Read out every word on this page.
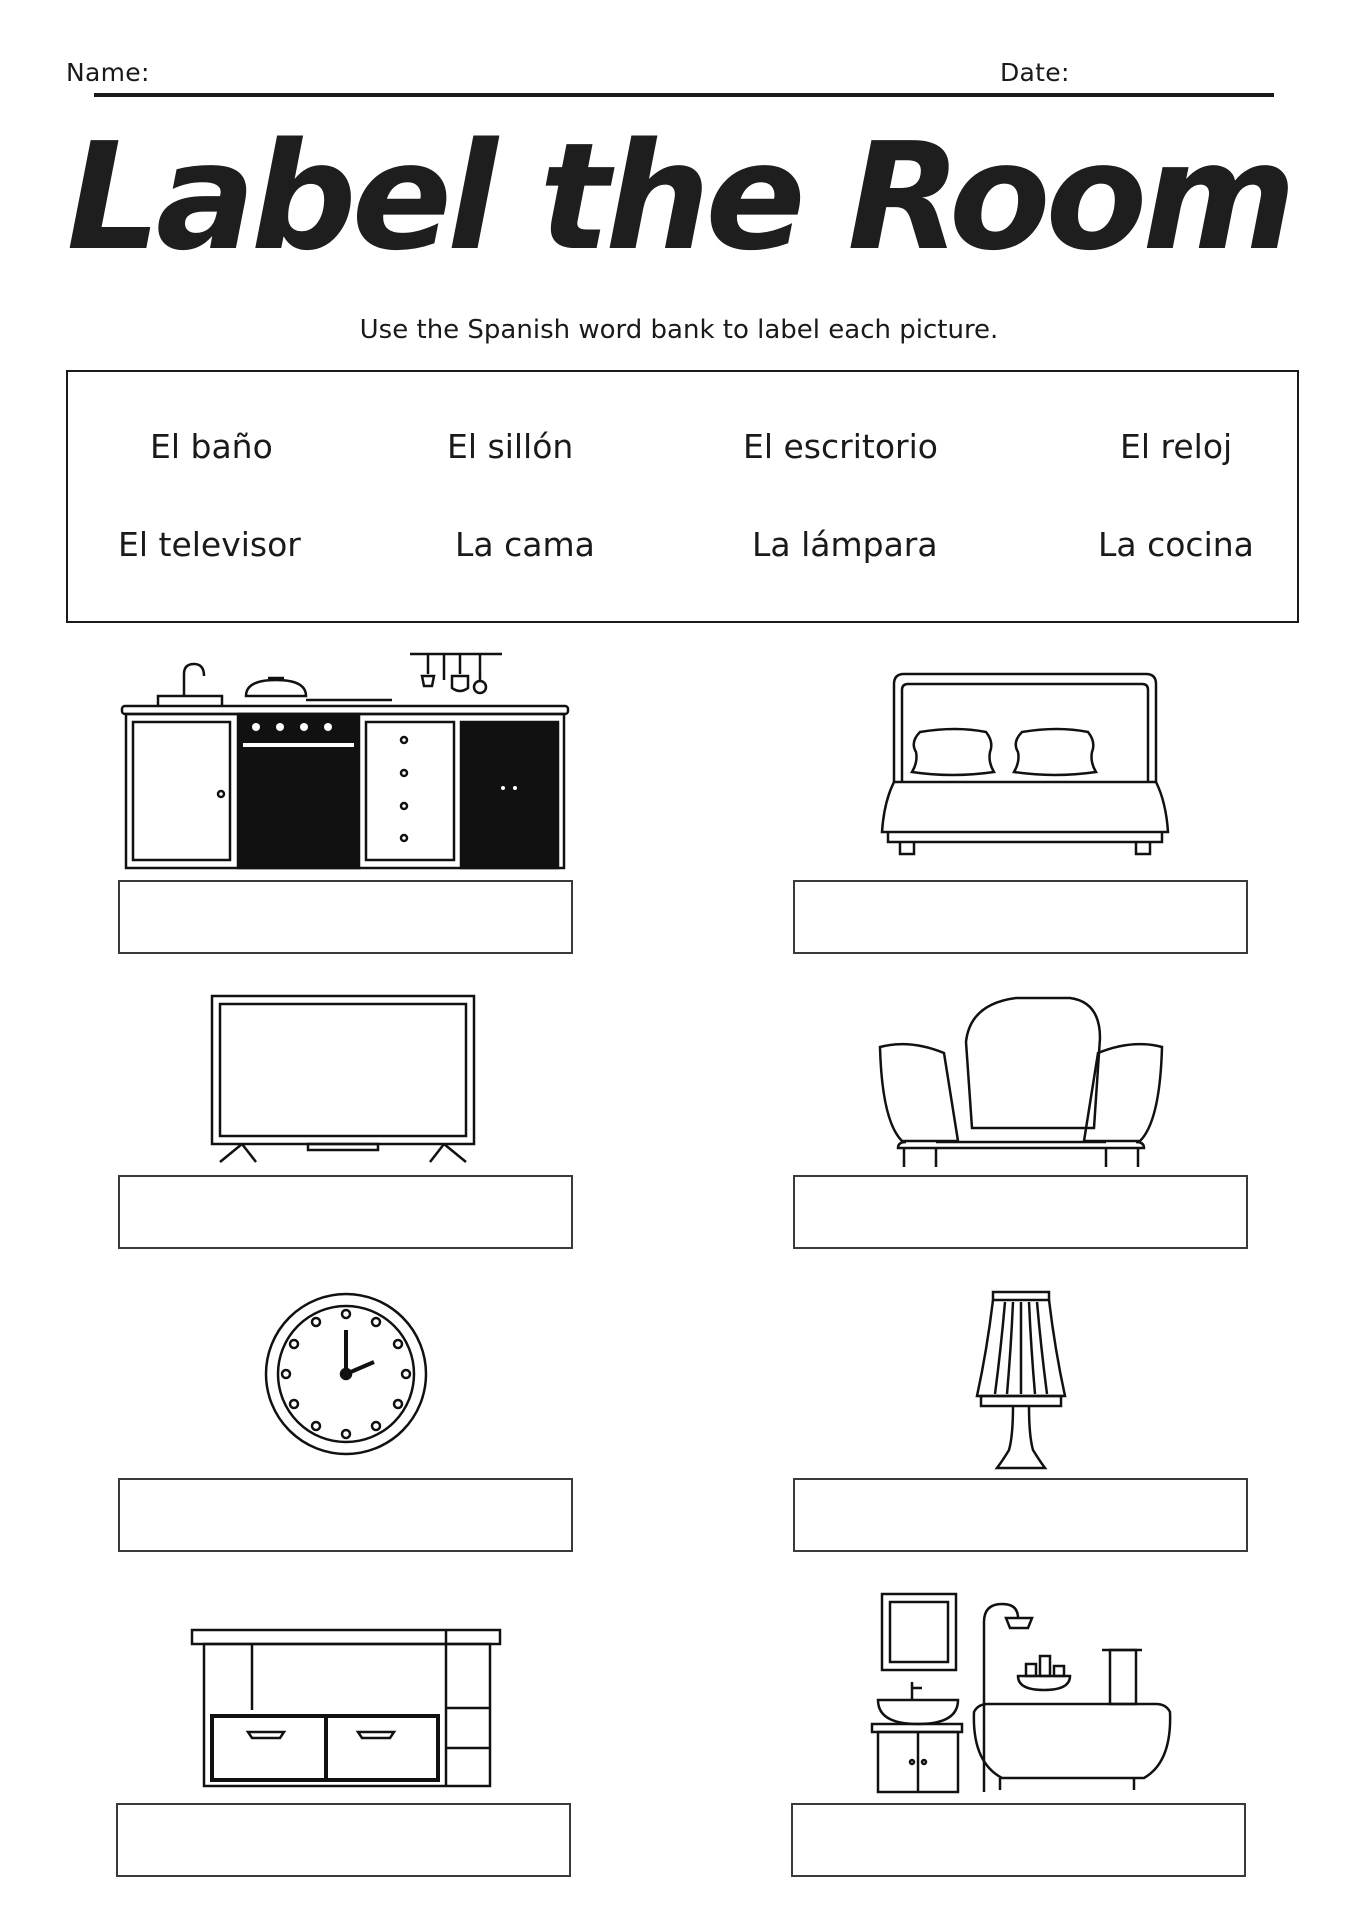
Name:	Date:
Label the Room
Use the Spanish word bank to label each picture.
El baño	El sillón	El escritorio	El reloj
El televisor	La cama	La lámpara	La cocina
